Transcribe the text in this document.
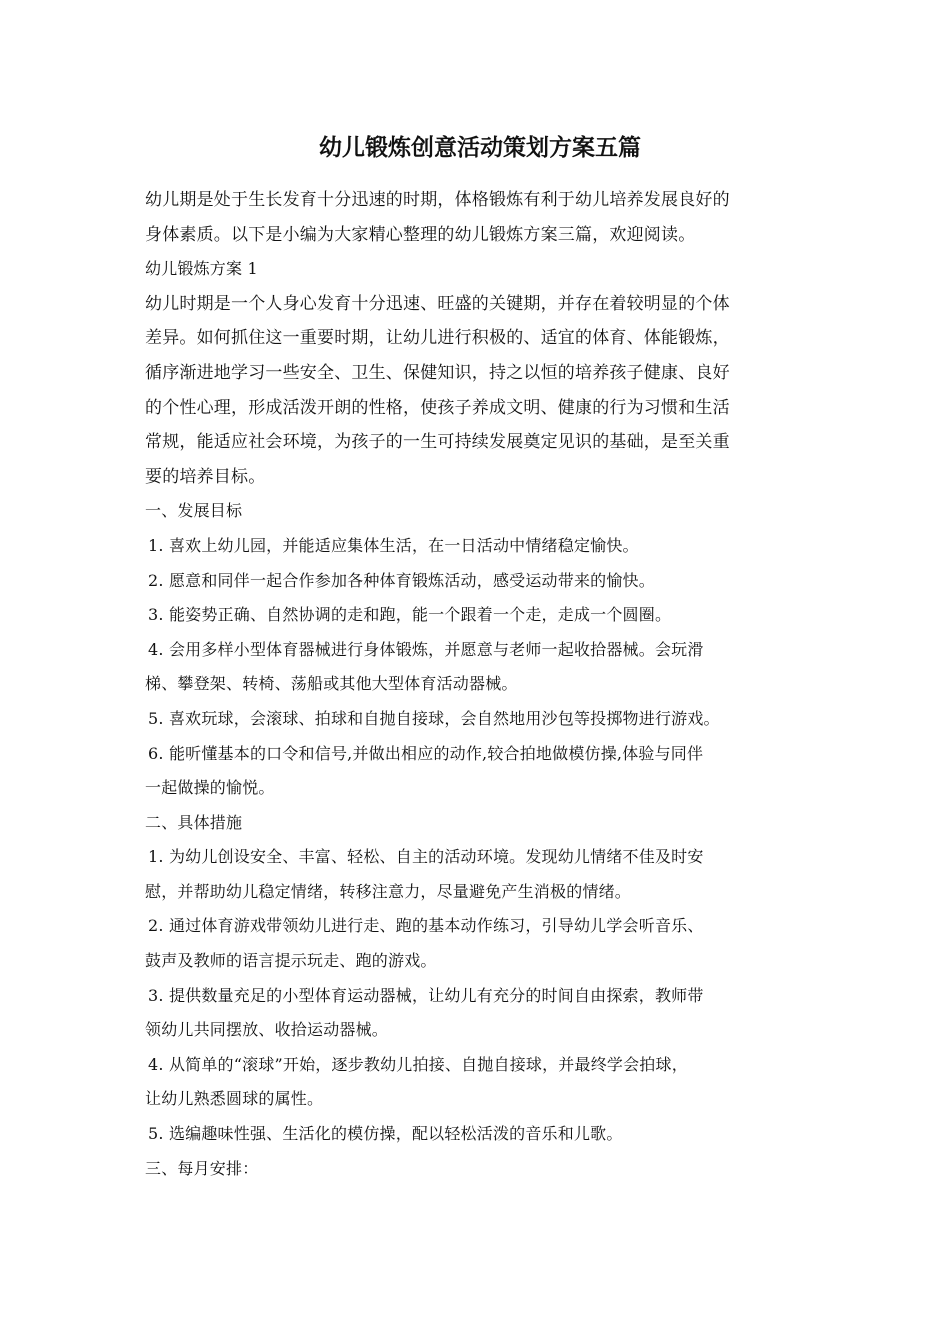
幼儿锻炼创意活动策划方案五篇
幼儿期是处于生长发育十分迅速的时期，体格锻炼有利于幼儿培养发展良好的
身体素质。以下是小编为大家精心整理的幼儿锻炼方案三篇，欢迎阅读。
幼儿锻炼方案 1
幼儿时期是一个人身心发育十分迅速、旺盛的关键期，并存在着较明显的个体
差异。如何抓住这一重要时期，让幼儿进行积极的、适宜的体育、体能锻炼，
循序渐进地学习一些安全、卫生、保健知识，持之以恒的培养孩子健康、良好
的个性心理，形成活泼开朗的性格，使孩子养成文明、健康的行为习惯和生活
常规，能适应社会环境，为孩子的一生可持续发展奠定见识的基础，是至关重
要的培养目标。
一、发展目标
1. 喜欢上幼儿园，并能适应集体生活，在一日活动中情绪稳定愉快。
2. 愿意和同伴一起合作参加各种体育锻炼活动，感受运动带来的愉快。
3. 能姿势正确、自然协调的走和跑，能一个跟着一个走，走成一个圆圈。
4. 会用多样小型体育器械进行身体锻炼，并愿意与老师一起收拾器械。会玩滑
梯、攀登架、转椅、荡船或其他大型体育活动器械。
5. 喜欢玩球，会滚球、拍球和自抛自接球，会自然地用沙包等投掷物进行游戏。
6. 能听懂基本的口令和信号,并做出相应的动作,较合拍地做模仿操,体验与同伴
一起做操的愉悦。
二、具体措施
1. 为幼儿创设安全、丰富、轻松、自主的活动环境。发现幼儿情绪不佳及时安
慰，并帮助幼儿稳定情绪，转移注意力，尽量避免产生消极的情绪。
2. 通过体育游戏带领幼儿进行走、跑的基本动作练习，引导幼儿学会听音乐、
鼓声及教师的语言提示玩走、跑的游戏。
3. 提供数量充足的小型体育运动器械，让幼儿有充分的时间自由探索，教师带
领幼儿共同摆放、收拾运动器械。
4. 从简单的“滚球”开始，逐步教幼儿拍接、自抛自接球，并最终学会拍球，
让幼儿熟悉圆球的属性。
5. 选编趣味性强、生活化的模仿操，配以轻松活泼的音乐和儿歌。
三、每月安排：
